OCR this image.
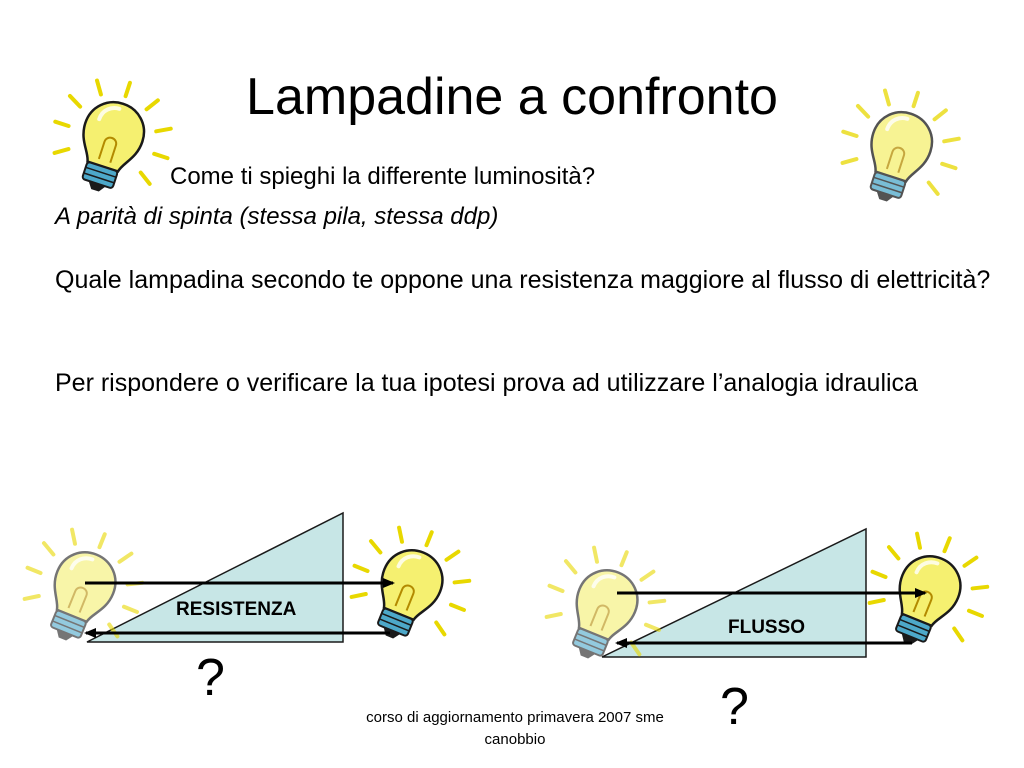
Lampadine a confronto
Come ti spieghi la differente luminosità?
A parità di spinta (stessa pila, stessa ddp)
Quale lampadina secondo te oppone una resistenza maggiore al flusso di elettricità?
Per rispondere o verificare la tua ipotesi prova ad utilizzare l’analogia idraulica
RESISTENZA
FLUSSO
?	?
corso di aggiornamento primavera 2007 sme canobbio
